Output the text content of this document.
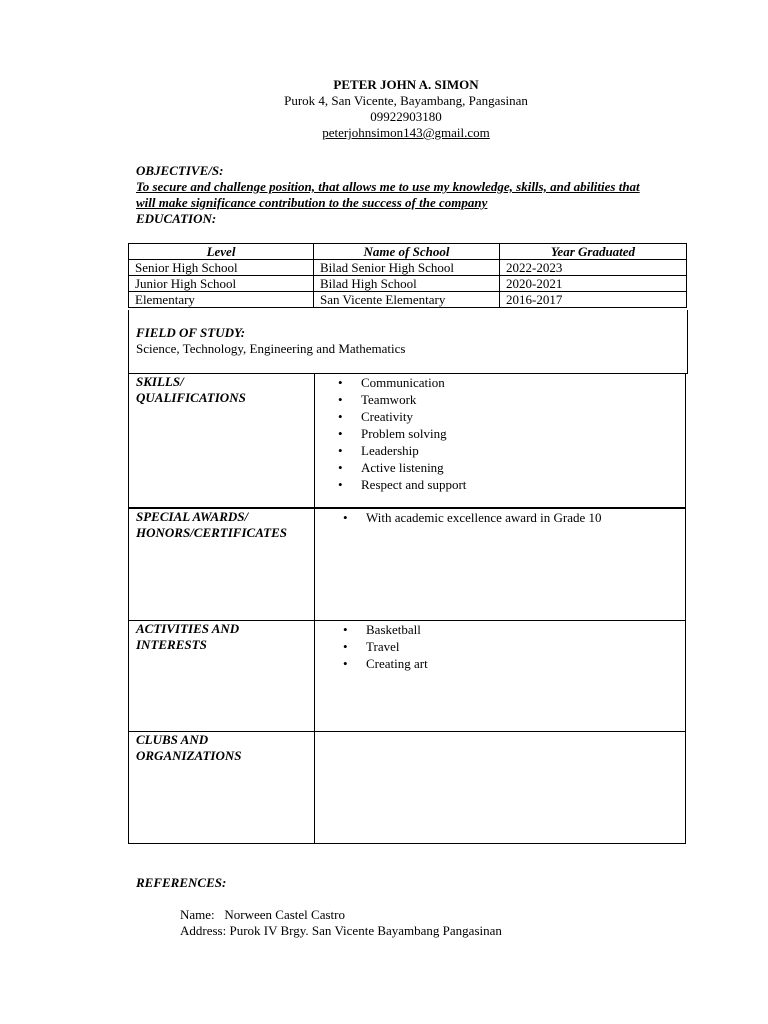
PETER JOHN A. SIMON
Purok 4, San Vicente, Bayambang, Pangasinan
09922903180
peterjohnsimon143@gmail.com
OBJECTIVE/S:
To secure and challenge position, that allows me to use my knowledge, skills, and abilities that
will make significance contribution to the success of the company
EDUCATION:
Level	Name of School	Year Graduated
Senior High School	Bilad Senior High School	2022-2023
Junior High School	Bilad High School	2020-2021
Elementary	San Vicente Elementary	2016-2017
FIELD OF STUDY:
Science, Technology, Engineering and Mathematics
SKILLS/
QUALIFICATIONS
• Communication
• Teamwork
• Creativity
• Problem solving
• Leadership
• Active listening
• Respect and support
SPECIAL AWARDS/
HONORS/CERTIFICATES
• With academic excellence award in Grade 10
ACTIVITIES AND
INTERESTS
• Basketball
• Travel
• Creating art
CLUBS AND
ORGANIZATIONS
REFERENCES:
Name: Norween Castel Castro
Address: Purok IV Brgy. San Vicente Bayambang Pangasinan
